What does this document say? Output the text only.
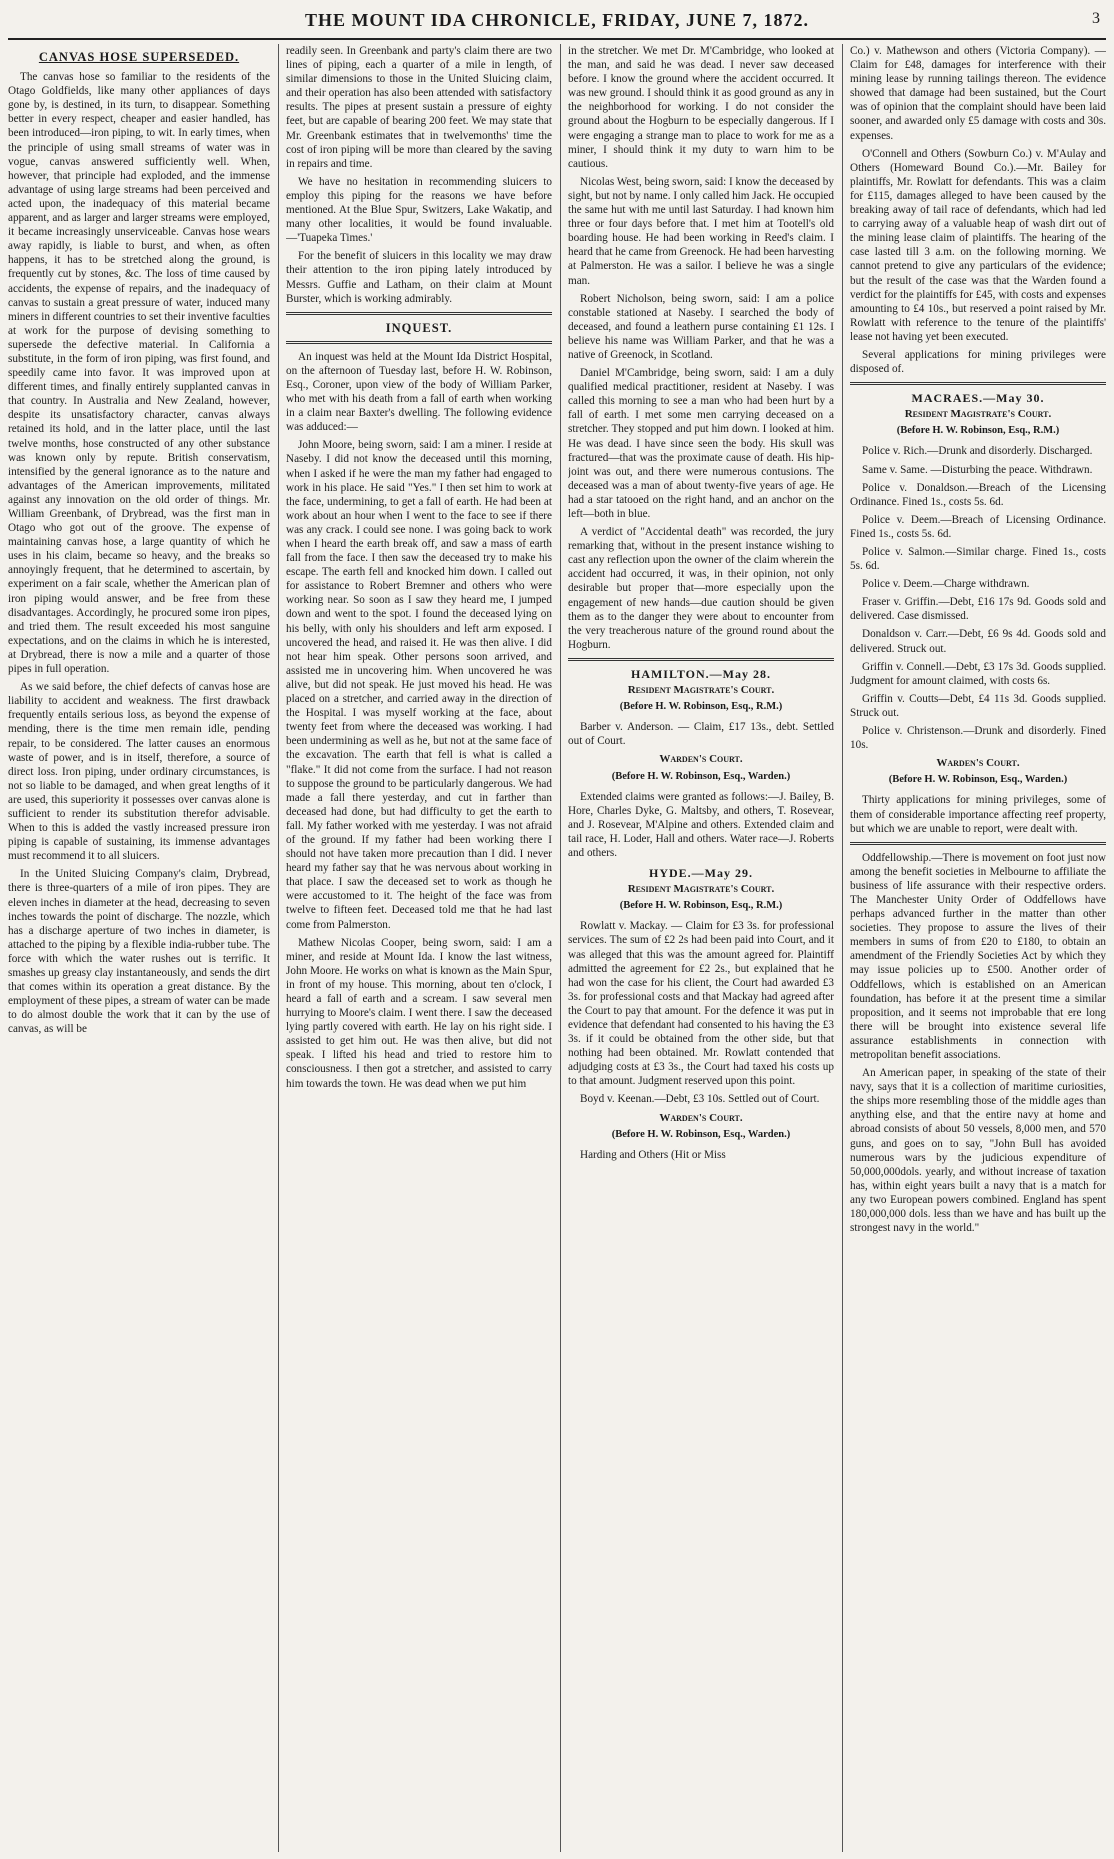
THE MOUNT IDA CHRONICLE, FRIDAY, JUNE 7, 1872.	3
CANVAS HOSE SUPERSEDED.

The canvas hose so familiar to the residents of the Otago Goldfields, like many other appliances of days gone by, is destined, in its turn, to disappear. Something better in every respect, cheaper and easier handled, has been introduced—iron piping, to wit. In early times, when the principle of using small streams of water was in vogue, canvas answered sufficiently well. When, however, that principle had exploded, and the immense advantage of using large streams had been perceived and acted upon, the inadequacy of this material became apparent, and as larger and larger streams were employed, it became increasingly unserviceable. Canvas hose wears away rapidly, is liable to burst, and when, as often happens, it has to be stretched along the ground, is frequently cut by stones, &c. The loss of time caused by accidents, the expense of repairs, and the inadequacy of canvas to sustain a great pressure of water, induced many miners in different countries to set their inventive faculties at work for the purpose of devising something to supersede the defective material. In California a substitute, in the form of iron piping, was first found, and speedily came into favor. It was improved upon at different times, and finally entirely supplanted canvas in that country. In Australia and New Zealand, however, despite its unsatisfactory character, canvas always retained its hold, and in the latter place, until the last twelve months, hose constructed of any other substance was known only by repute. British conservatism, intensified by the general ignorance as to the nature and advantages of the American improvements, militated against any innovation on the old order of things. Mr. William Greenbank, of Drybread, was the first man in Otago who got out of the groove. The expense of maintaining canvas hose, a large quantity of which he uses in his claim, became so heavy, and the breaks so annoyingly frequent, that he determined to ascertain, by experiment on a fair scale, whether the American plan of iron piping would answer, and be free from these disadvantages. Accordingly, he procured some iron pipes, and tried them. The result exceeded his most sanguine expectations, and on the claims in which he is interested, at Drybread, there is now a mile and a quarter of those pipes in full operation.

As we said before, the chief defects of canvas hose are liability to accident and weakness. The first drawback frequently entails serious loss, as beyond the expense of mending, there is the time men remain idle, pending repair, to be considered. The latter causes an enormous waste of power, and is in itself, therefore, a source of direct loss. Iron piping, under ordinary circumstances, is not so liable to be damaged, and when great lengths of it are used, this superiority it possesses over canvas alone is sufficient to render its substitution therefor advisable. When to this is added the vastly increased pressure iron piping is capable of sustaining, its immense advantages must recommend it to all sluicers.

In the United Sluicing Company's claim, Drybread, there is three-quarters of a mile of iron pipes. They are eleven inches in diameter at the head, decreasing to seven inches towards the point of discharge. The nozzle, which has a discharge aperture of two inches in diameter, is attached to the piping by a flexible india-rubber tube. The force with which the water rushes out is terrific. It smashes up greasy clay instantaneously, and sends the dirt that comes within its operation a great distance. By the employment of these pipes, a stream of water can be made to do almost double the work that it can by the use of canvas, as will be

readily seen. In Greenbank and party's claim there are two lines of piping, each a quarter of a mile in length, of similar dimensions to those in the United Sluicing claim, and their operation has also been attended with satisfactory results. The pipes at present sustain a pressure of eighty feet, but are capable of bearing 200 feet. We may state that Mr. Greenbank estimates that in twelvemonths' time the cost of iron piping will be more than cleared by the saving in repairs and time.

We have no hesitation in recommending sluicers to employ this piping for the reasons we have before mentioned. At the Blue Spur, Switzers, Lake Wakatip, and many other localities, it would be found invaluable.—'Tuapeka Times.'

For the benefit of sluicers in this locality we may draw their attention to the iron piping lately introduced by Messrs. Guffie and Latham, on their claim at Mount Burster, which is working admirably.

INQUEST.

An inquest was held at the Mount Ida District Hospital, on the afternoon of Tuesday last, before H. W. Robinson, Esq., Coroner, upon view of the body of William Parker, who met with his death from a fall of earth when working in a claim near Baxter's dwelling. The following evidence was adduced:—

John Moore, being sworn, said: I am a miner. I reside at Naseby. I did not know the deceased until this morning, when I asked if he were the man my father had engaged to work in his place. He said "Yes." I then set him to work at the face, undermining, to get a fall of earth. He had been at work about an hour when I went to the face to see if there was any crack. I could see none. I was going back to work when I heard the earth break off, and saw a mass of earth fall from the face. I then saw the deceased try to make his escape. The earth fell and knocked him down. I called out for assistance to Robert Bremner and others who were working near. So soon as I saw they heard me, I jumped down and went to the spot. I found the deceased lying on his belly, with only his shoulders and left arm exposed. I uncovered the head, and raised it. He was then alive. I did not hear him speak. Other persons soon arrived, and assisted me in uncovering him. When uncovered he was alive, but did not speak. He just moved his head. He was placed on a stretcher, and carried away in the direction of the Hospital. I was myself working at the face, about twenty feet from where the deceased was working. I had been undermining as well as he, but not at the same face of the excavation. The earth that fell is what is called a "flake." It did not come from the surface. I had not reason to suppose the ground to be particularly dangerous. We had made a fall there yesterday, and cut in farther than deceased had done, but had difficulty to get the earth to fall. My father worked with me yesterday. I was not afraid of the ground. If my father had been working there I should not have taken more precaution than I did. I never heard my father say that he was nervous about working in that place. I saw the deceased set to work as though he were accustomed to it. The height of the face was from twelve to fifteen feet. Deceased told me that he had last come from Palmerston.

Mathew Nicolas Cooper, being sworn, said: I am a miner, and reside at Mount Ida. I know the last witness, John Moore. He works on what is known as the Main Spur, in front of my house. This morning, about ten o'clock, I heard a fall of earth and a scream. I saw several men hurrying to Moore's claim. I went there. I saw the deceased lying partly covered with earth. He lay on his right side. I assisted to get him out. He was then alive, but did not speak. I lifted his head and tried to restore him to consciousness. I then got a stretcher, and assisted to carry him towards the town. He was dead when we put him

in the stretcher. We met Dr. M'Cambridge, who looked at the man, and said he was dead. I never saw deceased before. I know the ground where the accident occurred. It was new ground. I should think it as good ground as any in the neighborhood for working. I do not consider the ground about the Hogburn to be especially dangerous. If I were engaging a strange man to place to work for me as a miner, I should think it my duty to warn him to be cautious.

Nicolas West, being sworn, said: I know the deceased by sight, but not by name. I only called him Jack. He occupied the same hut with me until last Saturday. I had known him three or four days before that. I met him at Tootell's old boarding house. He had been working in Reed's claim. I heard that he came from Greenock. He had been harvesting at Palmerston. He was a sailor. I believe he was a single man.

Robert Nicholson, being sworn, said: I am a police constable stationed at Naseby. I searched the body of deceased, and found a leathern purse containing £1 12s. I believe his name was William Parker, and that he was a native of Greenock, in Scotland.

Daniel M'Cambridge, being sworn, said: I am a duly qualified medical practitioner, resident at Naseby. I was called this morning to see a man who had been hurt by a fall of earth. I met some men carrying deceased on a stretcher. They stopped and put him down. I looked at him. He was dead. I have since seen the body. His skull was fractured—that was the proximate cause of death. His hip-joint was out, and there were numerous contusions. The deceased was a man of about twenty-five years of age. He had a star tatooed on the right hand, and an anchor on the left—both in blue.

A verdict of "Accidental death" was recorded, the jury remarking that, without in the present instance wishing to cast any reflection upon the owner of the claim wherein the accident had occurred, it was, in their opinion, not only desirable but proper that—more especially upon the engagement of new hands—due caution should be given them as to the danger they were about to encounter from the very treacherous nature of the ground round about the Hogburn.

HAMILTON.—May 28.
Resident Magistrate's Court.
(Before H. W. Robinson, Esq., R.M.)

Barber v. Anderson. — Claim, £17 13s., debt. Settled out of Court.

Warden's Court.
(Before H. W. Robinson, Esq., Warden.)

Extended claims were granted as follows:—J. Bailey, B. Hore, Charles Dyke, G. Maltsby, and others, T. Rosevear, and J. Rosevear, M'Alpine and others. Extended claim and tail race, H. Loder, Hall and others. Water race—J. Roberts and others.

HYDE.—May 29.
Resident Magistrate's Court.
(Before H. W. Robinson, Esq., R.M.)

Rowlatt v. Mackay. — Claim for £3 3s. for professional services. The sum of £2 2s had been paid into Court, and it was alleged that this was the amount agreed for. Plaintiff admitted the agreement for £2 2s., but explained that he had won the case for his client, the Court had awarded £3 3s. for professional costs and that Mackay had agreed after the Court to pay that amount. For the defence it was put in evidence that defendant had consented to his having the £3 3s. if it could be obtained from the other side, but that nothing had been obtained. Mr. Rowlatt contended that adjudging costs at £3 3s., the Court had taxed his costs up to that amount. Judgment reserved upon this point.

Boyd v. Keenan.—Debt, £3 10s. Settled out of Court.

Warden's Court.
(Before H. W. Robinson, Esq., Warden.)

Harding and Others (Hit or Miss

Co.) v. Mathewson and others (Victoria Company). — Claim for £48, damages for interference with their mining lease by running tailings thereon. The evidence showed that damage had been sustained, but the Court was of opinion that the complaint should have been laid sooner, and awarded only £5 damage with costs and 30s. expenses.

O'Connell and Others (Sowburn Co.) v. M'Aulay and Others (Homeward Bound Co.).—Mr. Bailey for plaintiffs, Mr. Rowlatt for defendants. This was a claim for £115, damages alleged to have been caused by the breaking away of tail race of defendants, which had led to carrying away of a valuable heap of wash dirt out of the mining lease claim of plaintiffs. The hearing of the case lasted till 3 a.m. on the following morning. We cannot pretend to give any particulars of the evidence; but the result of the case was that the Warden found a verdict for the plaintiffs for £45, with costs and expenses amounting to £4 10s., but reserved a point raised by Mr. Rowlatt with reference to the tenure of the plaintiffs' lease not having yet been executed.

Several applications for mining privileges were disposed of.

MACRAES.—May 30.
Resident Magistrate's Court.
(Before H. W. Robinson, Esq., R.M.)

Police v. Rich.—Drunk and disorderly. Discharged.

Same v. Same. —Disturbing the peace. Withdrawn.

Police v. Donaldson.—Breach of the Licensing Ordinance. Fined 1s., costs 5s. 6d.

Police v. Deem.—Breach of Licensing Ordinance. Fined 1s., costs 5s. 6d.

Police v. Salmon.—Similar charge. Fined 1s., costs 5s. 6d.

Police v. Deem.—Charge withdrawn.

Fraser v. Griffin.—Debt, £16 17s 9d. Goods sold and delivered. Case dismissed.

Donaldson v. Carr.—Debt, £6 9s 4d. Goods sold and delivered. Struck out.

Griffin v. Connell.—Debt, £3 17s 3d. Goods supplied. Judgment for amount claimed, with costs 6s.

Griffin v. Coutts—Debt, £4 11s 3d. Goods supplied. Struck out.

Police v. Christenson.—Drunk and disorderly. Fined 10s.

Warden's Court.
(Before H. W. Robinson, Esq., Warden.)

Thirty applications for mining privileges, some of them of considerable importance affecting reef property, but which we are unable to report, were dealt with.

Oddfellowship.—There is movement on foot just now among the benefit societies in Melbourne to affiliate the business of life assurance with their respective orders. The Manchester Unity Order of Oddfellows have perhaps advanced further in the matter than other societies. They propose to assure the lives of their members in sums of from £20 to £180, to obtain an amendment of the Friendly Societies Act by which they may issue policies up to £500. Another order of Oddfellows, which is established on an American foundation, has before it at the present time a similar proposition, and it seems not improbable that ere long there will be brought into existence several life assurance establishments in connection with metropolitan benefit associations.

An American paper, in speaking of the state of their navy, says that it is a collection of maritime curiosities, the ships more resembling those of the middle ages than anything else, and that the entire navy at home and abroad consists of about 50 vessels, 8,000 men, and 570 guns, and goes on to say, "John Bull has avoided numerous wars by the judicious expenditure of 50,000,000dols. yearly, and without increase of taxation has, within eight years built a navy that is a match for any two European powers combined. England has spent 180,000,000 dols. less than we have and has built up the strongest navy in the world."
